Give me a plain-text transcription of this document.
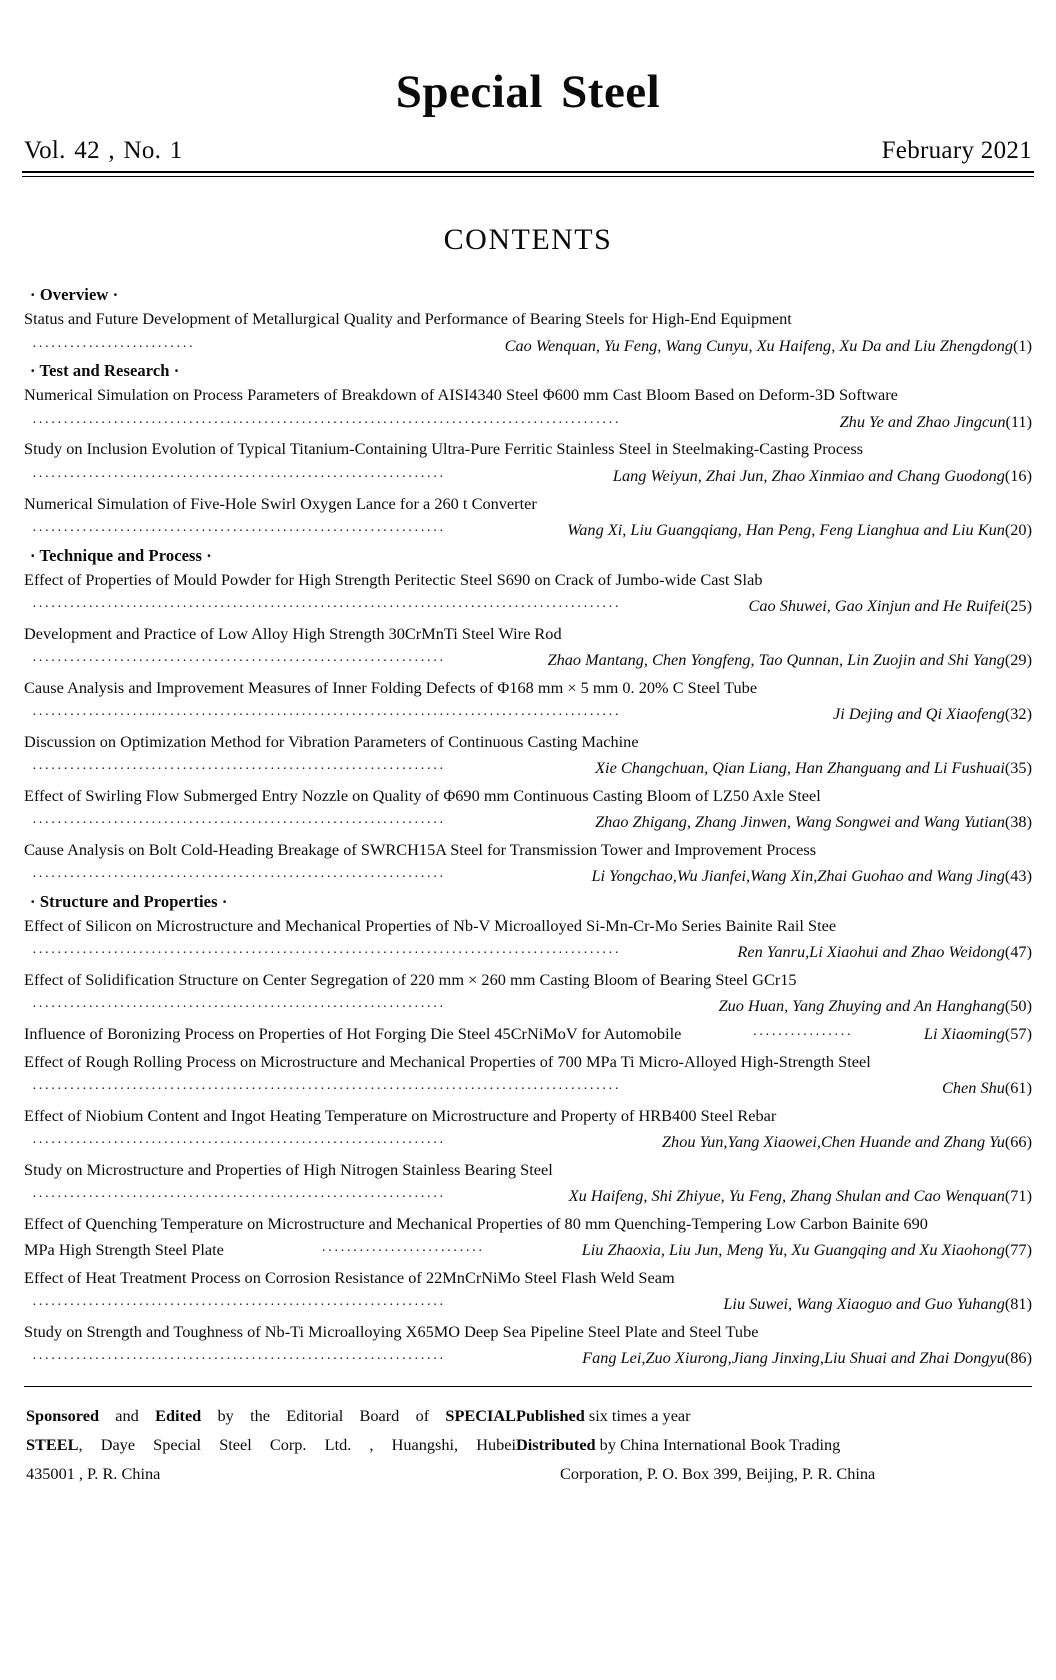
Special Steel
Vol. 42 , No. 1	February 2021
CONTENTS
· Overview ·
Status and Future Development of Metallurgical Quality and Performance of Bearing Steels for High-End Equipment
··························	Cao Wenquan, Yu Feng, Wang Cunyu, Xu Haifeng, Xu Da and Liu Zhengdong (1)
· Test and Research ·
Numerical Simulation on Process Parameters of Breakdown of AISI4340 Steel Φ600 mm Cast Bloom Based on Deform-3D Software
······························································································	Zhu Ye and Zhao Jingcun (11)
Study on Inclusion Evolution of Typical Titanium-Containing Ultra-Pure Ferritic Stainless Steel in Steelmaking-Casting Process
··································································	Lang Weiyun, Zhai Jun, Zhao Xinmiao and Chang Guodong (16)
Numerical Simulation of Five-Hole Swirl Oxygen Lance for a 260 t Converter
··································································	Wang Xi, Liu Guangqiang, Han Peng, Feng Lianghua and Liu Kun (20)
· Technique and Process ·
Effect of Properties of Mould Powder for High Strength Peritectic Steel S690 on Crack of Jumbo-wide Cast Slab
······························································································	Cao Shuwei, Gao Xinjun and He Ruifei (25)
Development and Practice of Low Alloy High Strength 30CrMnTi Steel Wire Rod
··································································	Zhao Mantang, Chen Yongfeng, Tao Qunnan, Lin Zuojin and Shi Yang (29)
Cause Analysis and Improvement Measures of Inner Folding Defects of Φ168 mm × 5 mm 0. 20% C Steel Tube
······························································································	Ji Dejing and Qi Xiaofeng (32)
Discussion on Optimization Method for Vibration Parameters of Continuous Casting Machine
··································································	Xie Changchuan, Qian Liang, Han Zhanguang and Li Fushuai (35)
Effect of Swirling Flow Submerged Entry Nozzle on Quality of Φ690 mm Continuous Casting Bloom of LZ50 Axle Steel
··································································	Zhao Zhigang, Zhang Jinwen, Wang Songwei and Wang Yutian (38)
Cause Analysis on Bolt Cold-Heading Breakage of SWRCH15A Steel for Transmission Tower and Improvement Process
··································································	Li Yongchao,Wu Jianfei,Wang Xin,Zhai Guohao and Wang Jing (43)
· Structure and Properties ·
Effect of Silicon on Microstructure and Mechanical Properties of Nb-V Microalloyed Si-Mn-Cr-Mo Series Bainite Rail Stee
······························································································	Ren Yanru,Li Xiaohui and Zhao Weidong (47)
Effect of Solidification Structure on Center Segregation of 220 mm × 260 mm Casting Bloom of Bearing Steel GCr15
··································································	Zuo Huan, Yang Zhuying and An Hanghang (50)
Influence of Boronizing Process on Properties of Hot Forging Die Steel 45CrNiMoV for Automobile	················	Li Xiaoming (57)
Effect of Rough Rolling Process on Microstructure and Mechanical Properties of 700 MPa Ti Micro-Alloyed High-Strength Steel
······························································································	Chen Shu (61)
Effect of Niobium Content and Ingot Heating Temperature on Microstructure and Property of HRB400 Steel Rebar
··································································	Zhou Yun,Yang Xiaowei,Chen Huande and Zhang Yu (66)
Study on Microstructure and Properties of High Nitrogen Stainless Bearing Steel
··································································	Xu Haifeng, Shi Zhiyue, Yu Feng, Zhang Shulan and Cao Wenquan (71)
Effect of Quenching Temperature on Microstructure and Mechanical Properties of 80 mm Quenching-Tempering Low Carbon Bainite 690
MPa High Strength Steel Plate	··························	Liu Zhaoxia, Liu Jun, Meng Yu, Xu Guangqing and Xu Xiaohong (77)
Effect of Heat Treatment Process on Corrosion Resistance of 22MnCrNiMo Steel Flash Weld Seam
··································································	Liu Suwei, Wang Xiaoguo and Guo Yuhang (81)
Study on Strength and Toughness of Nb-Ti Microalloying X65MO Deep Sea Pipeline Steel Plate and Steel Tube
··································································	Fang Lei,Zuo Xiurong,Jiang Jinxing,Liu Shuai and Zhai Dongyu (86)

Sponsored and Edited by the Editorial Board of SPECIAL

STEEL, Daye Special Steel Corp. Ltd. , Huangshi, Hubei

435001 , P. R. China

Published six times a year

Distributed by China International Book Trading

Corporation, P. O. Box 399, Beijing, P. R. China
